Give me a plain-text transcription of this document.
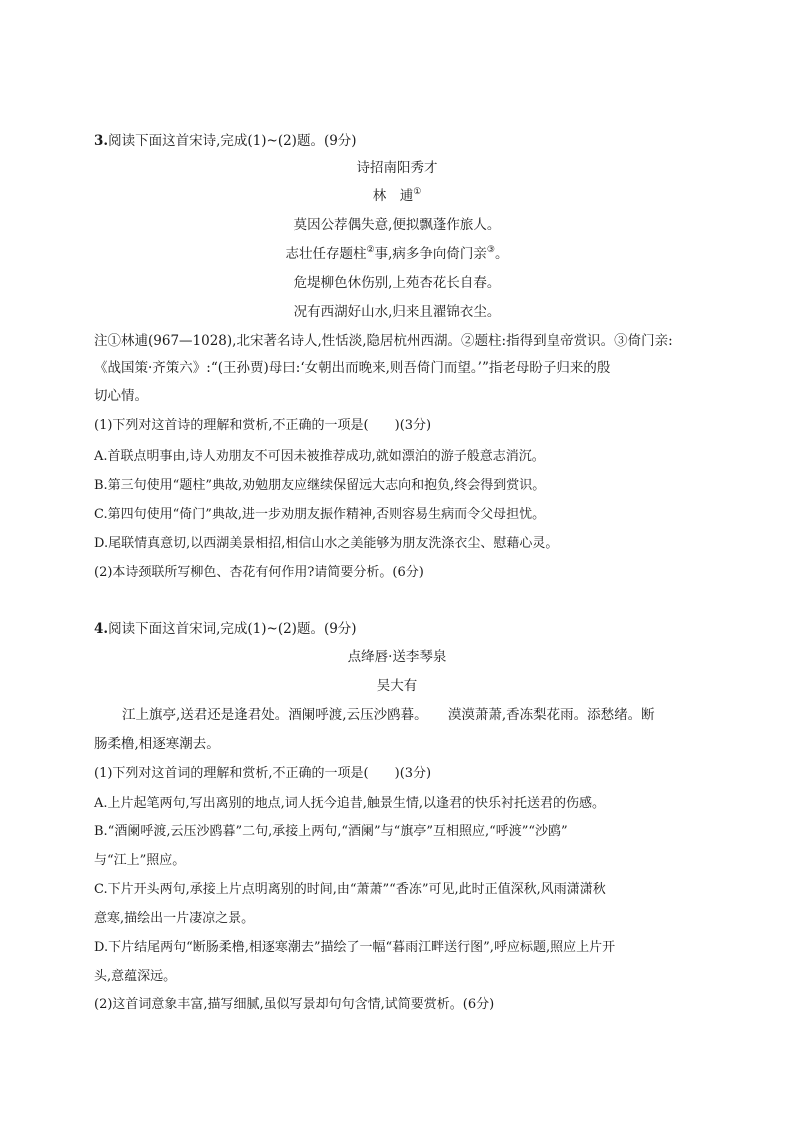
3.阅读下面这首宋诗,完成(1)~(2)题。(9分)
诗招南阳秀才
林　逋①
莫因公荐偶失意,便拟飘蓬作旅人。
志壮任存题柱②事,病多争向倚门亲③。
危堤柳色休伤别,上苑杏花长自春。
况有西湖好山水,归来且濯锦衣尘。
注①林逋(967—1028),北宋著名诗人,性恬淡,隐居杭州西湖。②题柱:指得到皇帝赏识。③倚门亲:
《战国策·齐策六》:“(王孙贾)母曰:‘女朝出而晚来,则吾倚门而望。’”指老母盼子归来的殷
切心情。
(1)下列对这首诗的理解和赏析,不正确的一项是(　　)(3分)
A.首联点明事由,诗人劝朋友不可因未被推荐成功,就如漂泊的游子般意志消沉。
B.第三句使用“题柱”典故,劝勉朋友应继续保留远大志向和抱负,终会得到赏识。
C.第四句使用“倚门”典故,进一步劝朋友振作精神,否则容易生病而令父母担忧。
D.尾联情真意切,以西湖美景相招,相信山水之美能够为朋友洗涤衣尘、慰藉心灵。
(2)本诗颈联所写柳色、杏花有何作用?请简要分析。(6分)
4.阅读下面这首宋词,完成(1)~(2)题。(9分)
点绛唇·送李琴泉
吴大有
江上旗亭,送君还是逢君处。酒阑呼渡,云压沙鸥暮。　　漠漠萧萧,香冻梨花雨。添愁绪。断
肠柔橹,相逐寒潮去。
(1)下列对这首词的理解和赏析,不正确的一项是(　　)(3分)
A.上片起笔两句,写出离别的地点,词人抚今追昔,触景生情,以逢君的快乐衬托送君的伤感。
B.“酒阑呼渡,云压沙鸥暮”二句,承接上两句,“酒阑”与“旗亭”互相照应,“呼渡”“沙鸥”
与“江上”照应。
C.下片开头两句,承接上片点明离别的时间,由“萧萧”“香冻”可见,此时正值深秋,风雨潇潇秋
意寒,描绘出一片凄凉之景。
D.下片结尾两句“断肠柔橹,相逐寒潮去”描绘了一幅“暮雨江畔送行图”,呼应标题,照应上片开
头,意蕴深远。
(2)这首词意象丰富,描写细腻,虽似写景却句句含情,试简要赏析。(6分)
